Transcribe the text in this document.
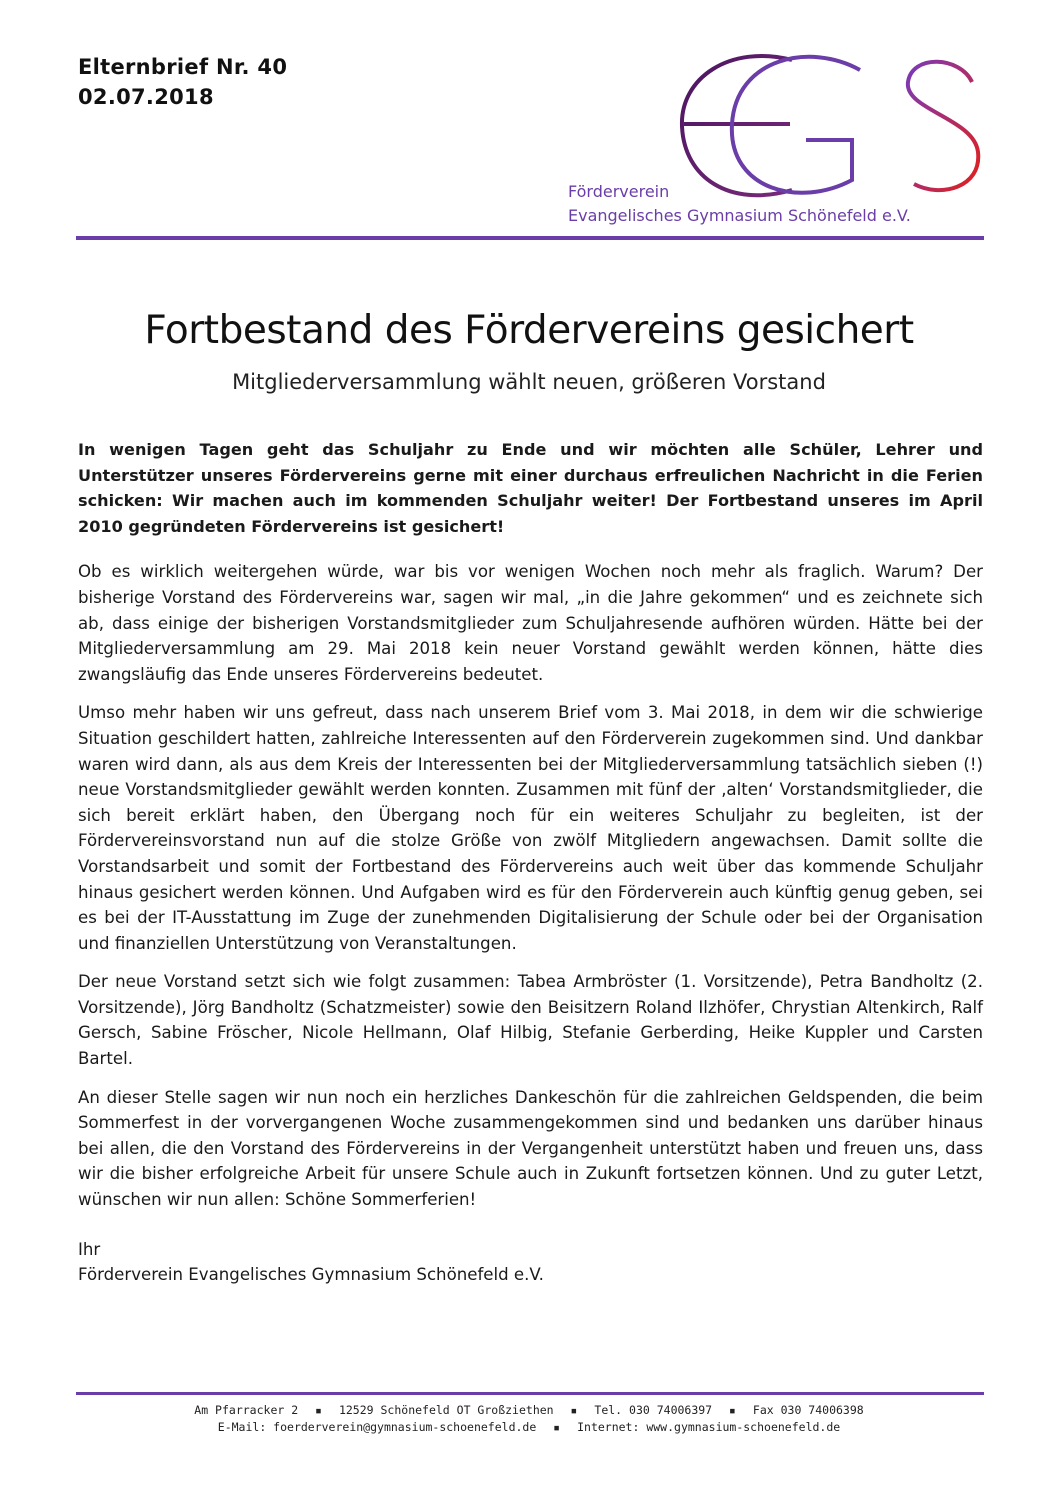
Elternbrief Nr. 40
02.07.2018
EGS
Förderverein
Evangelisches Gymnasium Schönefeld e.V.
Fortbestand des Fördervereins gesichert
Mitgliederversammlung wählt neuen, größeren Vorstand

In wenigen Tagen geht das Schuljahr zu Ende und wir möchten alle Schüler, Lehrer und Unterstützer unseres Fördervereins gerne mit einer durchaus erfreulichen Nachricht in die Ferien schicken: Wir machen auch im kommenden Schuljahr weiter! Der Fortbestand unseres im April 2010 gegründeten Fördervereins ist gesichert!

Ob es wirklich weitergehen würde, war bis vor wenigen Wochen noch mehr als fraglich. Warum? Der bisherige Vorstand des Fördervereins war, sagen wir mal, „in die Jahre gekommen“ und es zeichnete sich ab, dass einige der bisherigen Vorstandsmitglieder zum Schuljahresende aufhören würden. Hätte bei der Mitgliederversammlung am 29. Mai 2018 kein neuer Vorstand gewählt werden können, hätte dies zwangsläufig das Ende unseres Fördervereins bedeutet.

Umso mehr haben wir uns gefreut, dass nach unserem Brief vom 3. Mai 2018, in dem wir die schwierige Situation geschildert hatten, zahlreiche Interessenten auf den Förderverein zugekommen sind. Und dankbar waren wird dann, als aus dem Kreis der Interessenten bei der Mitgliederversammlung tatsächlich sieben (!) neue Vorstandsmitglieder gewählt werden konnten. Zusammen mit fünf der ‚alten‘ Vorstandsmitglieder, die sich bereit erklärt haben, den Übergang noch für ein weiteres Schuljahr zu begleiten, ist der Fördervereinsvorstand nun auf die stolze Größe von zwölf Mitgliedern angewachsen. Damit sollte die Vorstandsarbeit und somit der Fortbestand des Fördervereins auch weit über das kommende Schuljahr hinaus gesichert werden können. Und Aufgaben wird es für den Förderverein auch künftig genug geben, sei es bei der IT-Ausstattung im Zuge der zunehmenden Digitalisierung der Schule oder bei der Organisation und finanziellen Unterstützung von Veranstaltungen.

Der neue Vorstand setzt sich wie folgt zusammen: Tabea Armbröster (1. Vorsitzende), Petra Bandholtz (2. Vorsitzende), Jörg Bandholtz (Schatzmeister) sowie den Beisitzern Roland Ilzhöfer, Chrystian Altenkirch, Ralf Gersch, Sabine Fröscher, Nicole Hellmann, Olaf Hilbig, Stefanie Gerberding, Heike Kuppler und Carsten Bartel.

An dieser Stelle sagen wir nun noch ein herzliches Dankeschön für die zahlreichen Geldspenden, die beim Sommerfest in der vorvergangenen Woche zusammengekommen sind und bedanken uns darüber hinaus bei allen, die den Vorstand des Fördervereins in der Vergangenheit unterstützt haben und freuen uns, dass wir die bisher erfolgreiche Arbeit für unsere Schule auch in Zukunft fortsetzen können. Und zu guter Letzt, wünschen wir nun allen: Schöne Sommerferien!

Ihr
Förderverein Evangelisches Gymnasium Schönefeld e.V.
Am Pfarracker 2 ▪ 12529 Schönefeld OT Großziethen ▪ Tel. 030 74006397 ▪ Fax 030 74006398
E-Mail: foerderverein@gymnasium-schoenefeld.de ▪ Internet: www.gymnasium-schoenefeld.de
